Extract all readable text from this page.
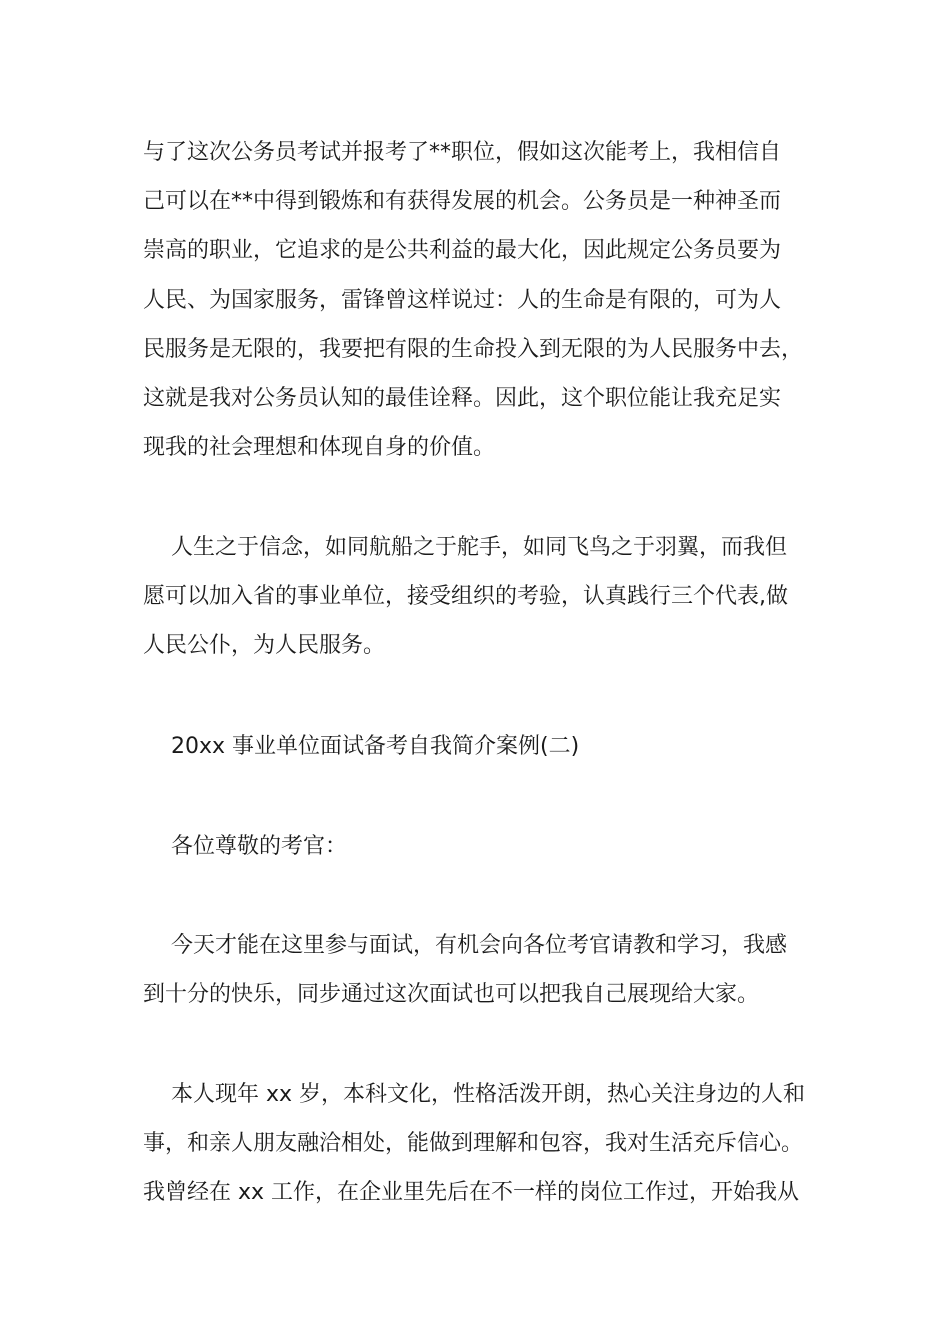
与了这次公务员考试并报考了**职位，假如这次能考上，我相信自
己可以在**中得到锻炼和有获得发展的机会。公务员是一种神圣而
崇高的职业，它追求的是公共利益的最大化，因此规定公务员要为
人民、为国家服务，雷锋曾这样说过：人的生命是有限的，可为人
民服务是无限的，我要把有限的生命投入到无限的为人民服务中去，
这就是我对公务员认知的最佳诠释。因此，这个职位能让我充足实
现我的社会理想和体现自身的价值。
人生之于信念，如同航船之于舵手，如同飞鸟之于羽翼，而我但
愿可以加入省的事业单位，接受组织的考验，认真践行三个代表,做
人民公仆，为人民服务。
20xx 事业单位面试备考自我简介案例(二)
各位尊敬的考官：
今天才能在这里参与面试，有机会向各位考官请教和学习，我感
到十分的快乐，同步通过这次面试也可以把我自己展现给大家。
本人现年 xx 岁，本科文化，性格活泼开朗，热心关注身边的人和
事，和亲人朋友融洽相处，能做到理解和包容，我对生活充斥信心。
我曾经在 xx 工作，在企业里先后在不一样的岗位工作过，开始我从
